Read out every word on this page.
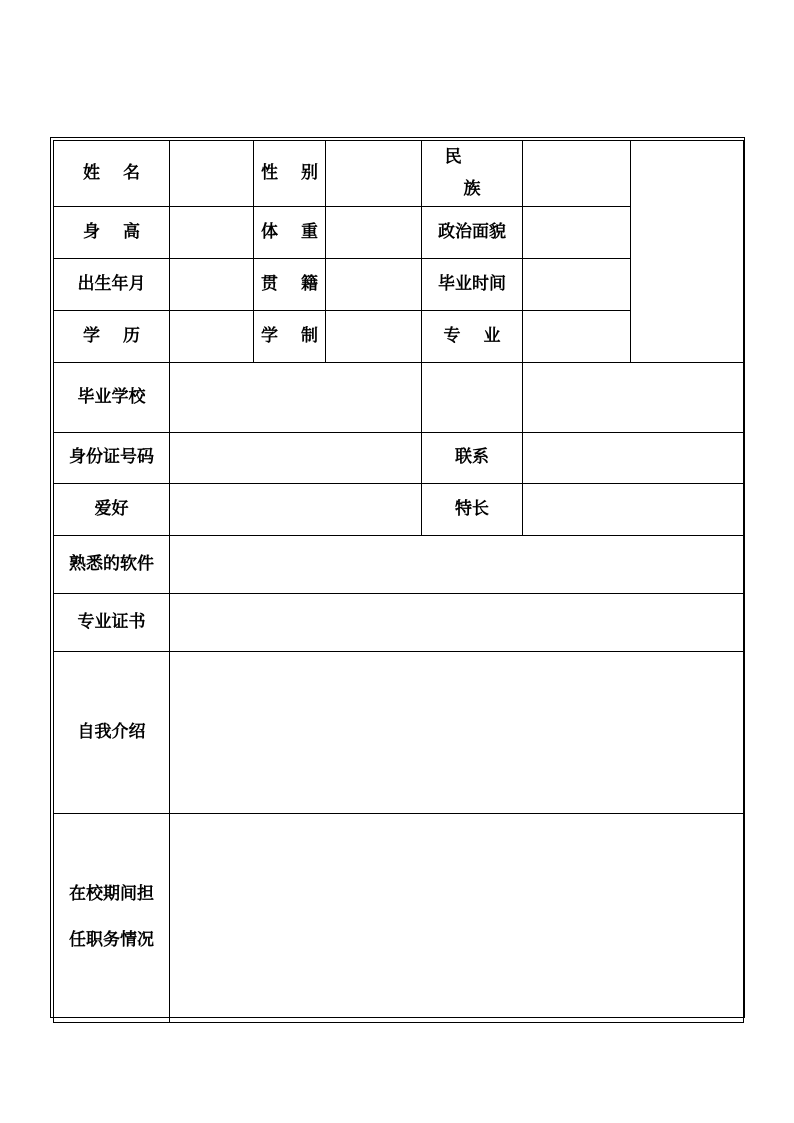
姓 名		性 别		民 族		
身 高		体 重		政治面貌		
出生年月		贯 籍		毕业时间		
学 历		学 制		专 业		
毕业学校						
身份证号码				联系		
爱好				特长		
熟悉的软件						
专业证书						
自我介绍						
在校期间担
任职务情况						
